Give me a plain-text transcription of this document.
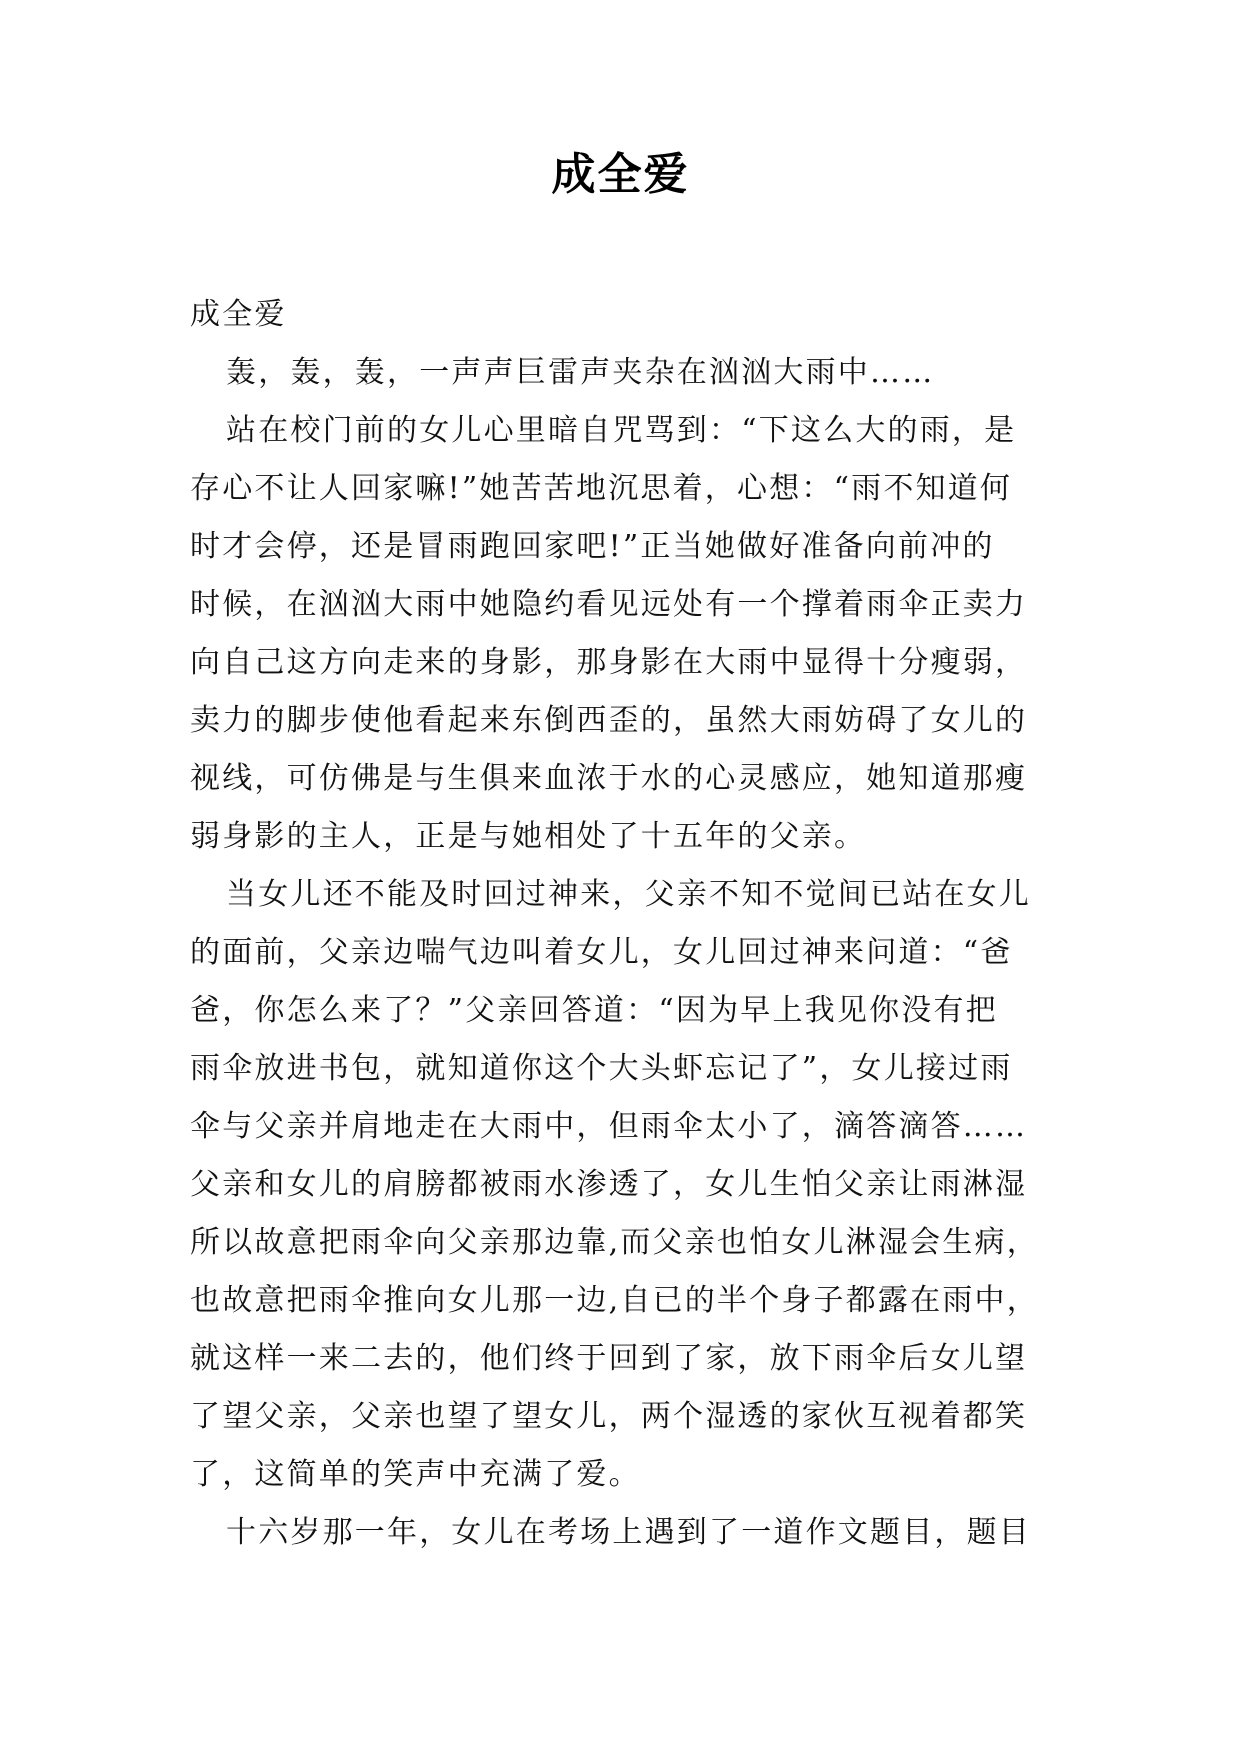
成全爱

成全爱

轰，轰，轰，一声声巨雷声夹杂在汹汹大雨中……

站在校门前的女儿心里暗自咒骂到：“下这么大的雨，是
存心不让人回家嘛!”她苦苦地沉思着，心想：“雨不知道何
时才会停，还是冒雨跑回家吧!”正当她做好准备向前冲的
时候，在汹汹大雨中她隐约看见远处有一个撑着雨伞正卖力
向自己这方向走来的身影，那身影在大雨中显得十分瘦弱，
卖力的脚步使他看起来东倒西歪的，虽然大雨妨碍了女儿的
视线，可仿佛是与生俱来血浓于水的心灵感应，她知道那瘦
弱身影的主人，正是与她相处了十五年的父亲。

当女儿还不能及时回过神来，父亲不知不觉间已站在女儿
的面前，父亲边喘气边叫着女儿，女儿回过神来问道：“爸
爸，你怎么来了？”父亲回答道：“因为早上我见你没有把
雨伞放进书包，就知道你这个大头虾忘记了”，女儿接过雨
伞与父亲并肩地走在大雨中，但雨伞太小了，滴答滴答……
父亲和女儿的肩膀都被雨水渗透了，女儿生怕父亲让雨淋湿
所以故意把雨伞向父亲那边靠,而父亲也怕女儿淋湿会生病，
也故意把雨伞推向女儿那一边,自已的半个身子都露在雨中，
就这样一来二去的，他们终于回到了家，放下雨伞后女儿望
了望父亲，父亲也望了望女儿，两个湿透的家伙互视着都笑
了，这简单的笑声中充满了爱。

十六岁那一年，女儿在考场上遇到了一道作文题目，题目
